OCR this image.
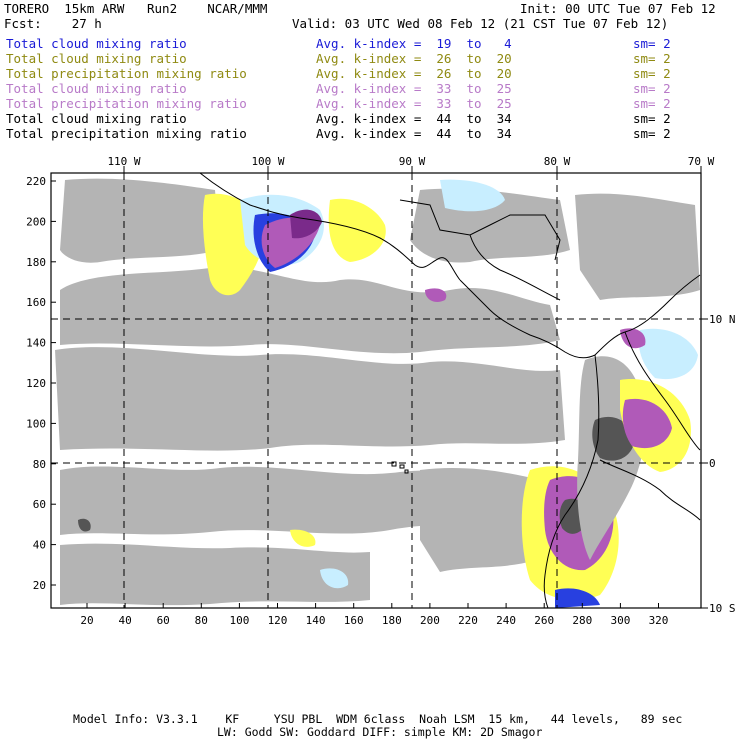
TORERO  15km ARW   Run2    NCAR/MMM	Init: 00 UTC Tue 07 Feb 12
Fcst:    27 h	Valid: 03 UTC Wed 08 Feb 12 (21 CST Tue 07 Feb 12)
Total cloud mixing ratio	Avg. k-index =  19  to   4	sm= 2
Total cloud mixing ratio	Avg. k-index =  26  to  20	sm= 2
Total precipitation mixing ratio	Avg. k-index =  26  to  20	sm= 2
Total cloud mixing ratio	Avg. k-index =  33  to  25	sm= 2
Total precipitation mixing ratio	Avg. k-index =  33  to  25	sm= 2
Total cloud mixing ratio	Avg. k-index =  44  to  34	sm= 2
Total precipitation mixing ratio	Avg. k-index =  44  to  34	sm= 2
110 W	100 W	90 W	80 W	70 W
10 N
0
10 S
220
200
180
160
140
120
100
80
60
40
20
20 40 60 80 100 120 140 160 180 200 220 240 260 280 300 320
Model Info: V3.3.1    KF     YSU PBL  WDM 6class  Noah LSM  15 km,   44 levels,   89 sec
LW: Godd SW: Goddard DIFF: simple KM: 2D Smagor
